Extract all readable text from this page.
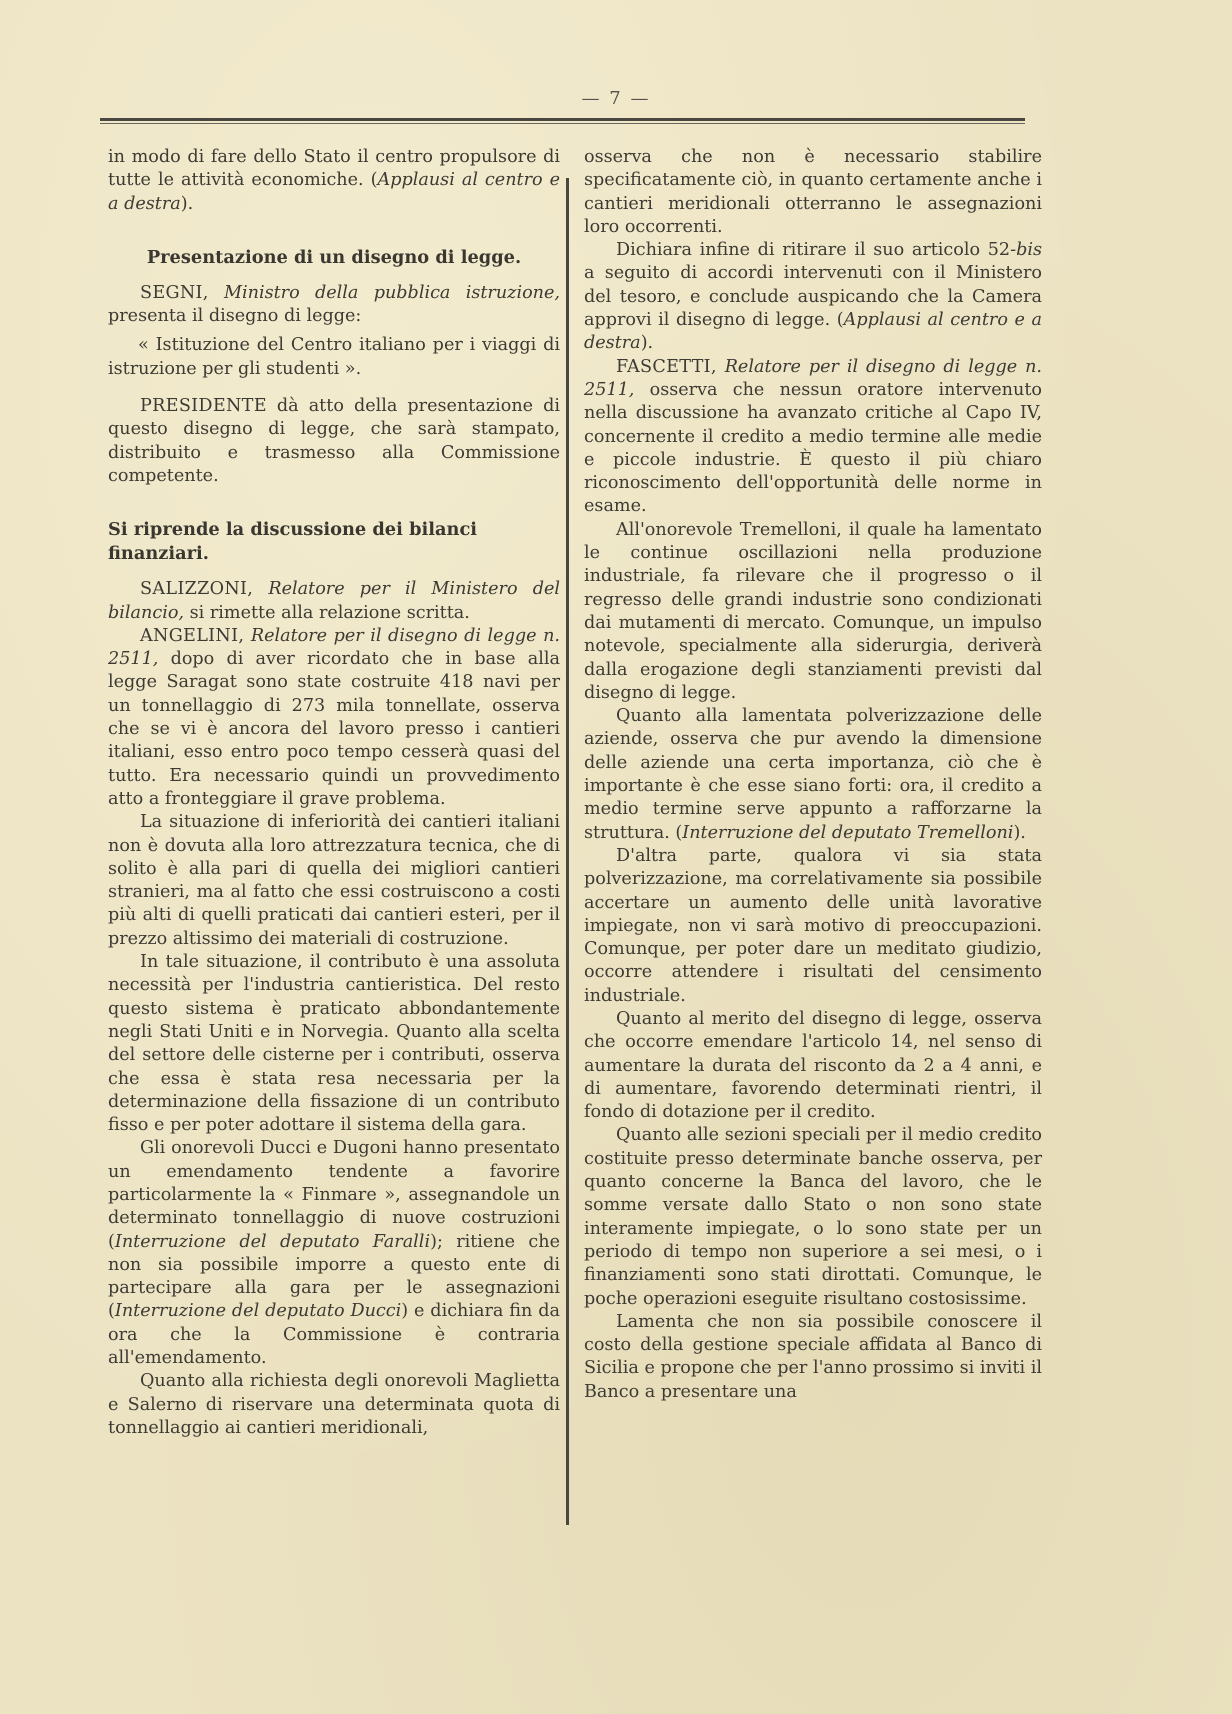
— 7 —

in modo di fare dello Stato il centro propulsore di tutte le attività economiche. (Applausi al centro e a destra).

Presentazione di un disegno di legge.

SEGNI, Ministro della pubblica istruzione, presenta il disegno di legge:

« Istituzione del Centro italiano per i viaggi di istruzione per gli studenti ».

PRESIDENTE dà atto della presentazione di questo disegno di legge, che sarà stampato, distribuito e trasmesso alla Commissione competente.

Si riprende la discussione dei bilanci finanziari.

SALIZZONI, Relatore per il Ministero del bilancio, si rimette alla relazione scritta.

ANGELINI, Relatore per il disegno di legge n. 2511, dopo di aver ricordato che in base alla legge Saragat sono state costruite 418 navi per un tonnellaggio di 273 mila tonnellate, osserva che se vi è ancora del lavoro presso i cantieri italiani, esso entro poco tempo cesserà quasi del tutto. Era necessario quindi un provvedimento atto a fronteggiare il grave problema.

La situazione di inferiorità dei cantieri italiani non è dovuta alla loro attrezzatura tecnica, che di solito è alla pari di quella dei migliori cantieri stranieri, ma al fatto che essi costruiscono a costi più alti di quelli praticati dai cantieri esteri, per il prezzo altissimo dei materiali di costruzione.

In tale situazione, il contributo è una assoluta necessità per l'industria cantieristica. Del resto questo sistema è praticato abbondantemente negli Stati Uniti e in Norvegia. Quanto alla scelta del settore delle cisterne per i contributi, osserva che essa è stata resa necessaria per la determinazione della fissazione di un contributo fisso e per poter adottare il sistema della gara.

Gli onorevoli Ducci e Dugoni hanno presentato un emendamento tendente a favorire particolarmente la « Finmare », assegnandole un determinato tonnellaggio di nuove costruzioni (Interruzione del deputato Faralli); ritiene che non sia possibile imporre a questo ente di partecipare alla gara per le assegnazioni (Interruzione del deputato Ducci) e dichiara fin da ora che la Commissione è contraria all'emendamento.

Quanto alla richiesta degli onorevoli Maglietta e Salerno di riservare una determinata quota di tonnellaggio ai cantieri meridionali,

osserva che non è necessario stabilire specificatamente ciò, in quanto certamente anche i cantieri meridionali otterranno le assegnazioni loro occorrenti.

Dichiara infine di ritirare il suo articolo 52-bis a seguito di accordi intervenuti con il Ministero del tesoro, e conclude auspicando che la Camera approvi il disegno di legge. (Applausi al centro e a destra).

FASCETTI, Relatore per il disegno di legge n. 2511, osserva che nessun oratore intervenuto nella discussione ha avanzato critiche al Capo IV, concernente il credito a medio termine alle medie e piccole industrie. È questo il più chiaro riconoscimento dell'opportunità delle norme in esame.

All'onorevole Tremelloni, il quale ha lamentato le continue oscillazioni nella produzione industriale, fa rilevare che il progresso o il regresso delle grandi industrie sono condizionati dai mutamenti di mercato. Comunque, un impulso notevole, specialmente alla siderurgia, deriverà dalla erogazione degli stanziamenti previsti dal disegno di legge.

Quanto alla lamentata polverizzazione delle aziende, osserva che pur avendo la dimensione delle aziende una certa importanza, ciò che è importante è che esse siano forti: ora, il credito a medio termine serve appunto a rafforzarne la struttura. (Interruzione del deputato Tremelloni).

D'altra parte, qualora vi sia stata polverizzazione, ma correlativamente sia possibile accertare un aumento delle unità lavorative impiegate, non vi sarà motivo di preoccupazioni. Comunque, per poter dare un meditato giudizio, occorre attendere i risultati del censimento industriale.

Quanto al merito del disegno di legge, osserva che occorre emendare l'articolo 14, nel senso di aumentare la durata del risconto da 2 a 4 anni, e di aumentare, favorendo determinati rientri, il fondo di dotazione per il credito.

Quanto alle sezioni speciali per il medio credito costituite presso determinate banche osserva, per quanto concerne la Banca del lavoro, che le somme versate dallo Stato o non sono state interamente impiegate, o lo sono state per un periodo di tempo non superiore a sei mesi, o i finanziamenti sono stati dirottati. Comunque, le poche operazioni eseguite risultano costosissime.

Lamenta che non sia possibile conoscere il costo della gestione speciale affidata al Banco di Sicilia e propone che per l'anno prossimo si inviti il Banco a presentare una
